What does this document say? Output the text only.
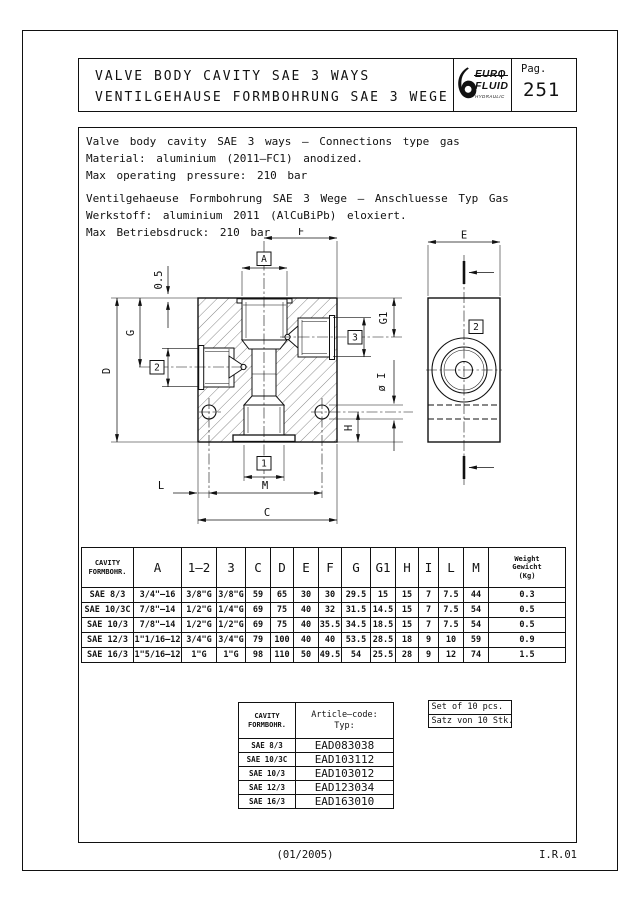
VALVE BODY CAVITY SAE 3 WAYS
VENTILGEHAUSE FORMBOHRUNG SAE 3 WEGE
FLUID
HYDRAULIC
Pag.
251
Valve body cavity SAE 3 ways – Connections type gas
Material: aluminium (2011–FC1) anodized.
Max operating pressure: 210 bar
Ventilgehaeuse Formbohrung SAE 3 Wege – Anschluesse Typ Gas
Werkstoff: aluminium 2011 (AlCuBiPb) eloxiert.
Max Betriebsdruck: 210 bar
2
A
2
3
1
F	E
0.5
G
D
G1
ø I
H
L	M
C
CAVITY
FORMBOHR.	A	1–2	3	C	D	E	F	G	G1	H	I	L	M

Weight
Gewicht
(Kg)

SAE 8/3	3/4"–16	3/8"G	3/8"G	59	65	30	30	29.5	15	15	7	7.5	44	0.3
SAE 10/3C	7/8"–14	1/2"G	1/4"G	69	75	40	32	31.5	14.5	15	7	7.5	54	0.5
SAE 10/3	7/8"–14	1/2"G	1/2"G	69	75	40	35.5	34.5	18.5	15	7	7.5	54	0.5
SAE 12/3	1"1/16–12	3/4"G	3/4"G	79	100	40	40	53.5	28.5	18	9	10	59	0.9
SAE 16/3	1"5/16–12	1"G	1"G	98	110	50	49.5	54	25.5	28	9	12	74	1.5
CAVITY
FORMBOHR.

Article–code:
Typ:

SAE 8/3	EAD083038
SAE 10/3C	EAD103112
SAE 10/3	EAD103012
SAE 12/3	EAD123034
SAE 16/3	EAD163010
Set of 10 pcs.
Satz von 10 Stk.
(01/2005)	I.R.01
